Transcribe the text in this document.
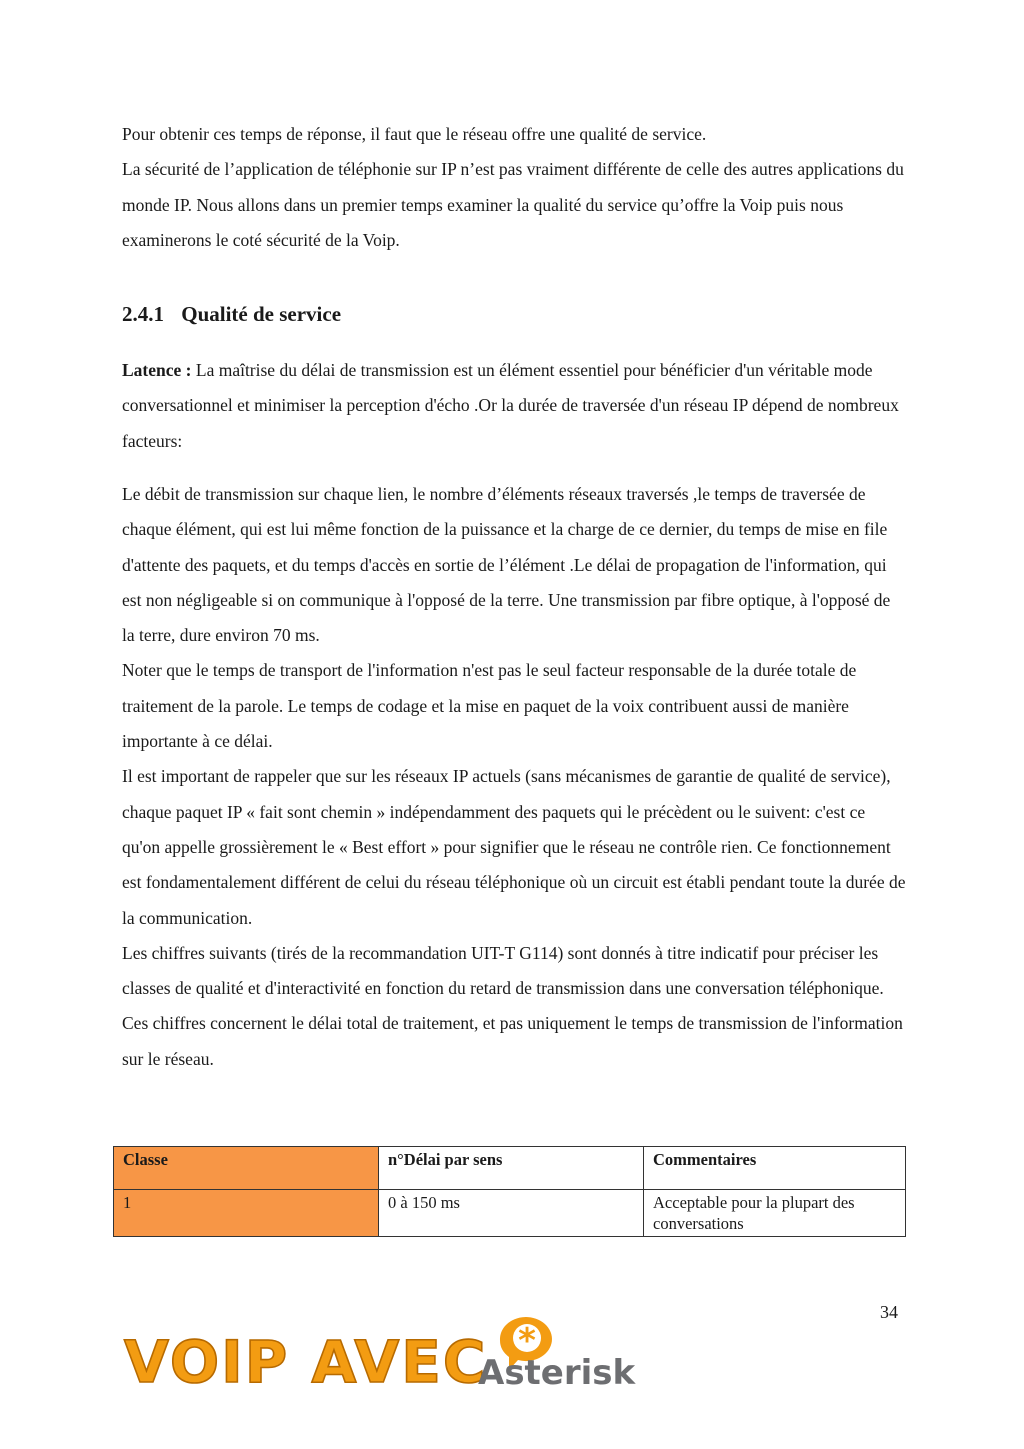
Pour obtenir ces temps de réponse, il faut que le réseau offre une qualité de service.
La sécurité de l’application de téléphonie sur IP n’est pas vraiment différente de celle des autres applications du monde IP. Nous allons dans un premier temps examiner la qualité du service qu’offre la Voip puis nous examinerons le coté sécurité de la Voip.
2.4.1 Qualité de service
Latence : La maîtrise du délai de transmission est un élément essentiel pour bénéficier d'un véritable mode conversationnel et minimiser la perception d'écho .Or la durée de traversée d'un réseau IP dépend de nombreux facteurs:
Le débit de transmission sur chaque lien, le nombre d’éléments réseaux traversés ,le temps de traversée de chaque élément, qui est lui même fonction de la puissance et la charge de ce dernier, du temps de mise en file d'attente des paquets, et du temps d'accès en sortie de l’élément .Le délai de propagation de l'information, qui est non négligeable si on communique à l'opposé de la terre. Une transmission par fibre optique, à l'opposé de la terre, dure environ 70 ms.
Noter que le temps de transport de l'information n'est pas le seul facteur responsable de la durée totale de traitement de la parole. Le temps de codage et la mise en paquet de la voix contribuent aussi de manière importante à ce délai.
Il est important de rappeler que sur les réseaux IP actuels (sans mécanismes de garantie de qualité de service), chaque paquet IP « fait sont chemin » indépendamment des paquets qui le précèdent ou le suivent: c'est ce qu'on appelle grossièrement le « Best effort » pour signifier que le réseau ne contrôle rien. Ce fonctionnement est fondamentalement différent de celui du réseau téléphonique où un circuit est établi pendant toute la durée de la communication.
Les chiffres suivants (tirés de la recommandation UIT-T G114) sont donnés à titre indicatif pour préciser les classes de qualité et d'interactivité en fonction du retard de transmission dans une conversation téléphonique. Ces chiffres concernent le délai total de traitement, et pas uniquement le temps de transmission de l'information sur le réseau.
Classe	n°Délai par sens	Commentaires
1	0 à 150 ms	Acceptable pour la plupart des conversations
34
VOIP AVEC *
Asterisk
